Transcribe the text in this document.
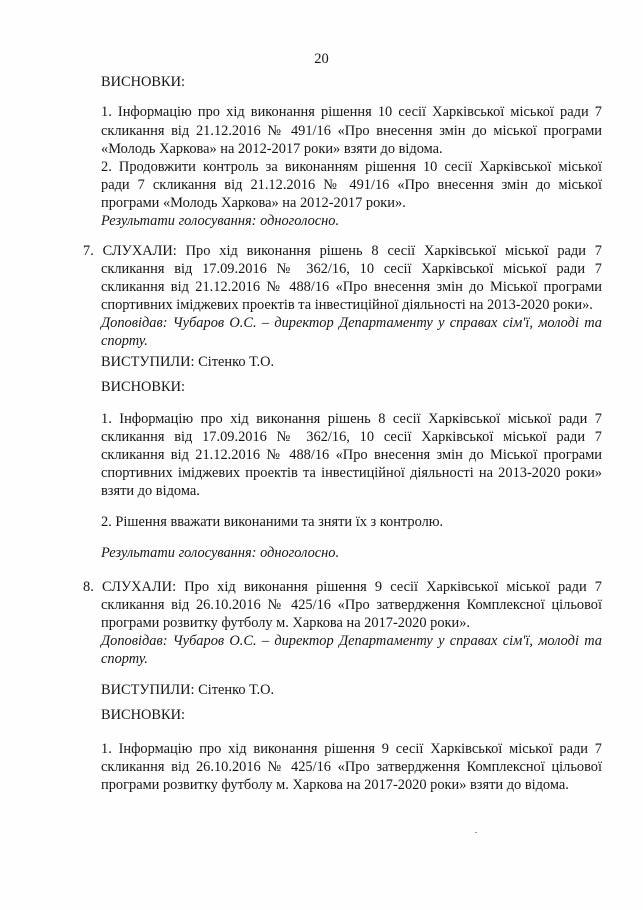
20
ВИСНОВКИ:
1. Інформацію про хід виконання рішення 10 сесії Харківської міської ради 7
скликання від 21.12.2016 № 491/16 «Про внесення змін до міської програми
«Молодь Харкова» на 2012-2017 роки» взяти до відома.
2. Продовжити контроль за виконанням рішення 10 сесії Харківської міської
ради 7 скликання від 21.12.2016 № 491/16 «Про внесення змін до міської
програми «Молодь Харкова» на 2012-2017 роки».
Результати голосування: одноголосно.
7. СЛУХАЛИ: Про хід виконання рішень 8 сесії Харківської міської ради 7
скликання від 17.09.2016 № 362/16, 10 сесії Харківської міської ради 7
скликання від 21.12.2016 № 488/16 «Про внесення змін до Міської програми
спортивних іміджевих проектів та інвестиційної діяльності на 2013-2020 роки».
Доповідав: Чубаров О.С. – директор Департаменту у справах сім'ї, молоді та
спорту.
ВИСТУПИЛИ: Сітенко Т.О.
ВИСНОВКИ:
1. Інформацію про хід виконання рішень 8 сесії Харківської міської ради 7
скликання від 17.09.2016 № 362/16, 10 сесії Харківської міської ради 7
скликання від 21.12.2016 № 488/16 «Про внесення змін до Міської програми
спортивних іміджевих проектів та інвестиційної діяльності на 2013-2020 роки»
взяти до відома.
2. Рішення вважати виконаними та зняти їх з контролю.
Результати голосування: одноголосно.
8. СЛУХАЛИ: Про хід виконання рішення 9 сесії Харківської міської ради 7
скликання від 26.10.2016 № 425/16 «Про затвердження Комплексної цільової
програми розвитку футболу м. Харкова на 2017-2020 роки».
Доповідав: Чубаров О.С. – директор Департаменту у справах сім'ї, молоді та
спорту.
ВИСТУПИЛИ: Сітенко Т.О.
ВИСНОВКИ:
1. Інформацію про хід виконання рішення 9 сесії Харківської міської ради 7
скликання від 26.10.2016 № 425/16 «Про затвердження Комплексної цільової
програми розвитку футболу м. Харкова на 2017-2020 роки» взяти до відома.
